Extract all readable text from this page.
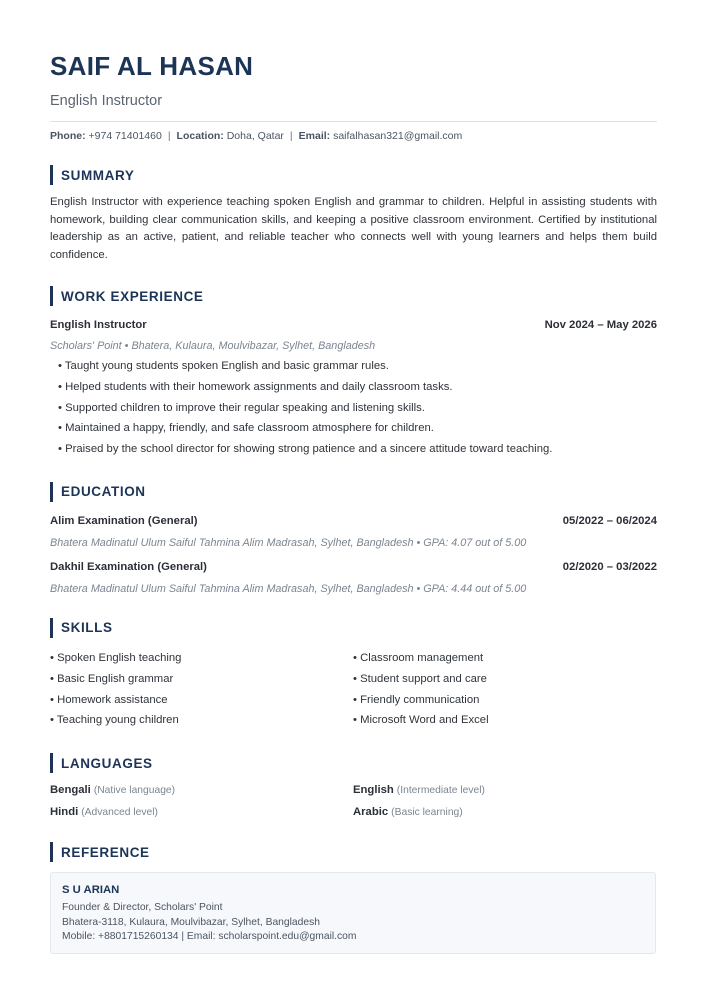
SAIF AL HASAN
English Instructor
Phone: +974 71401460 | Location: Doha, Qatar | Email: saifalhasan321@gmail.com
SUMMARY

English Instructor with experience teaching spoken English and grammar to children. Helpful in assisting students with homework, building clear communication skills, and keeping a positive classroom environment. Certified by institutional leadership as an active, patient, and reliable teacher who connects well with young learners and helps them build confidence.

WORK EXPERIENCE
English Instructor	Nov 2024 – May 2026
Scholars' Point • Bhatera, Kulaura, Moulvibazar, Sylhet, Bangladesh
• Taught young students spoken English and basic grammar rules.
• Helped students with their homework assignments and daily classroom tasks.
• Supported children to improve their regular speaking and listening skills.
• Maintained a happy, friendly, and safe classroom atmosphere for children.
• Praised by the school director for showing strong patience and a sincere attitude toward teaching.
EDUCATION
Alim Examination (General)	05/2022 – 06/2024
Bhatera Madinatul Ulum Saiful Tahmina Alim Madrasah, Sylhet, Bangladesh • GPA: 4.07 out of 5.00
Dakhil Examination (General)	02/2020 – 03/2022
Bhatera Madinatul Ulum Saiful Tahmina Alim Madrasah, Sylhet, Bangladesh • GPA: 4.44 out of 5.00
SKILLS
• Spoken English teaching
• Basic English grammar
• Homework assistance
• Teaching young children
• Classroom management
• Student support and care
• Friendly communication
• Microsoft Word and Excel
LANGUAGES
Bengali (Native language)	English (Intermediate level)
Hindi (Advanced level)	Arabic (Basic learning)
REFERENCE
S U ARIAN
Founder & Director, Scholars' Point
Bhatera-3118, Kulaura, Moulvibazar, Sylhet, Bangladesh
Mobile: +8801715260134 | Email: scholarspoint.edu@gmail.com
